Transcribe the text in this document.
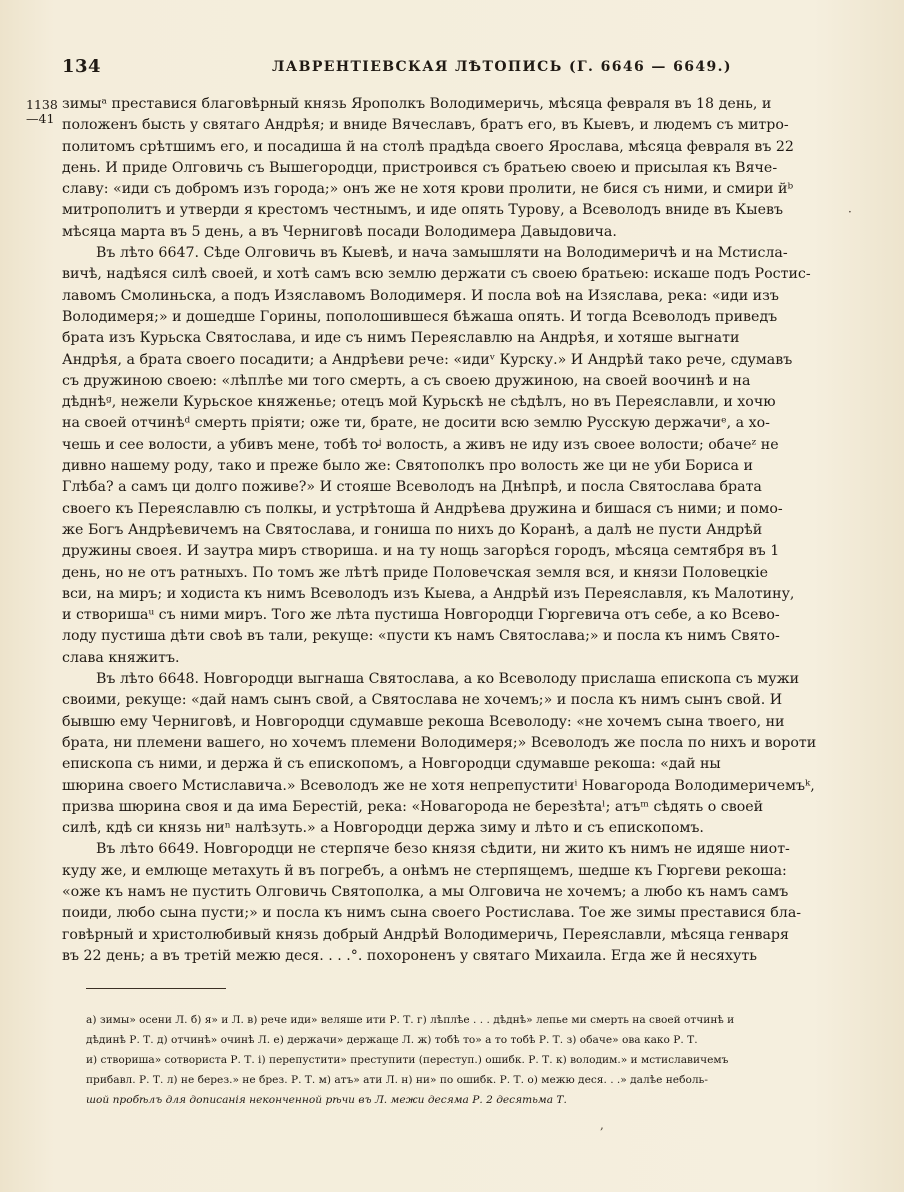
134	ЛАВРЕНТІЕВСКАЯ ЛѢТОПИСЬ (Г. 6646 — 6649.)
1138
—41
зимыᵃ преставися благовѣрный князь Ярополкъ Володимеричь, мѣсяца февраля въ 18 день, и
положенъ бысть у святаго Андрѣя; и вниде Вячеславъ, братъ его, въ Кыевъ, и людемъ съ митро-
политомъ срѣтшимъ его, и посадиша й на столѣ прадѣда своего Ярослава, мѣсяца февраля въ 22
день. И приде Олговичь съ Вышегородци, пристроився съ братьею своею и присылая къ Вяче-
славу: «иди съ добромъ изъ города;» онъ же не хотя крови пролити, не бися съ ними, и смири йᵇ
митрополитъ и утверди я крестомъ честнымъ, и иде опять Турову, а Всеволодъ вниде въ Кыевъ
мѣсяца марта въ 5 день, а въ Черниговѣ посади Володимера Давыдовича.
Въ лѣто 6647. Сѣде Олговичь въ Кыевѣ, и нача замышляти на Володимеричѣ и на Мстисла-
вичѣ, надѣяся силѣ своей, и хотѣ самъ всю землю держати съ своею братьею: искаше подъ Ростис-
лавомъ Смолиньска, а подъ Изяславомъ Володимеря. И посла воѣ на Изяслава, река: «иди изъ
Володимеря;» и дошедше Горины, пополошившеся бѣжаша опять. И тогда Всеволодъ приведъ
брата изъ Курьска Святослава, и иде съ нимъ Переяславлю на Андрѣя, и хотяше выгнати
Андрѣя, а брата своего посадити; а Андрѣеви рече: «идиᵛ Курску.» И Андрѣй тако рече, сдумавъ
съ дружиною своею: «лѣплѣе ми того смерть, а съ своею дружиною, на своей воочинѣ и на
дѣднѣᵍ, нежели Курьское княженье; отецъ мой Курьскѣ не сѣдѣлъ, но въ Переяславли, и хочю
на своей отчинѣᵈ смерть пріяти; оже ти, брате, не досити всю землю Русскую держачиᵉ, а хо-
чешь и сее волости, а убивъ мене, тобѣ тоᶨ волость, а живъ не иду изъ своее волости; обачеᶻ не
дивно нашему роду, тако и преже было же: Святополкъ про волость же ци не уби Бориса и
Глѣба? а самъ ци долго поживе?» И стояше Всеволодъ на Днѣпрѣ, и посла Святослава брата
своего къ Переяславлю съ полкы, и устрѣтоша й Андрѣева дружина и бишася съ ними; и помо-
же Богъ Андрѣевичемъ на Святослава, и гониша по нихъ до Коранѣ, а далѣ не пусти Андрѣй
дружины своея. И заутра миръ створиша. и на ту нощь загорѣся городъ, мѣсяца семтября въ 1
день, но не отъ ратныхъ. По томъ же лѣтѣ приде Половечская земля вся, и князи Половецкіе
вси, на миръ; и ходиста къ нимъ Всеволодъ изъ Кыева, а Андрѣй изъ Переяславля, къ Малотину,
и створишаᵘ съ ними миръ. Того же лѣта пустиша Новгородци Гюргевича отъ себе, а ко Всево-
лоду пустиша дѣти своѣ въ тали, рекуще: «пусти къ намъ Святослава;» и посла къ нимъ Свято-
слава княжитъ.
Въ лѣто 6648. Новгородци выгнаша Святослава, а ко Всеволоду прислаша епископа съ мужи
своими, рекуще: «дай намъ сынъ свой, а Святослава не хочемъ;» и посла къ нимъ сынъ свой. И
бывшю ему Черниговѣ, и Новгородци сдумавше рекоша Всеволоду: «не хочемъ сына твоего, ни
брата, ни племени вашего, но хочемъ племени Володимеря;» Всеволодъ же посла по нихъ и вороти
епископа съ ними, и держа й съ епископомъ, а Новгородци сдумавше рекоша: «дай ны
шюрина своего Мстиславича.» Всеволодъ же не хотя непрепуститиⁱ Новагорода Володимеричемъᵏ,
призва шюрина своя и да има Берестій, река: «Новагорода не березѣтаˡ; атъᵐ сѣдять о своей
силѣ, кдѣ си князь ниⁿ налѣзуть.» а Новгородци держа зиму и лѣто и съ епископомъ.
Въ лѣто 6649. Новгородци не стерпяче безо князя сѣдити, ни жито къ нимъ не идяше ниот-
куду же, и емлюще метахуть й въ погребъ, а онѣмъ не стерпящемъ, шедше къ Гюргеви рекоша:
«оже къ намъ не пустить Олговичь Святополка, а мы Олговича не хочемъ; а любо къ намъ самъ
поиди, любо сына пусти;» и посла къ нимъ сына своего Ростислава. Тое же зимы преставися бла-
говѣрный и христолюбивый князь добрый Андрѣй Володимеричь, Переяславли, мѣсяца генваря
въ 22 день; а въ третій межю деся. . . .°. похороненъ у святаго Михаила. Егда же й несяхуть
а) зимы» осени Л. б) я» и Л. в) рече иди» веляше ити Р. Т. г) лѣплѣе . . . дѣднѣ» лепье ми смерть на своей отчинѣ и
дѣдинѣ Р. Т. д) отчинѣ» очинѣ Л. е) держачи» держаще Л. ж) тобѣ то» а то тобѣ Р. Т. з) обаче» ова како Р. Т.
и) створиша» сотвориста Р. Т. і) перепустити» преступити (переступ.) ошибк. Р. Т. к) володим.» и мстиславичемъ
прибавл. Р. Т. л) не берез.» не брез. Р. Т. м) атъ» ати Л. н) ни» по ошибк. Р. Т. о) межю деся. . .» далѣе неболь-
шой пробѣлъ для дописанія неконченной рѣчи въ Л. межи десяма Р. 2 десятьма Т.
·
,
